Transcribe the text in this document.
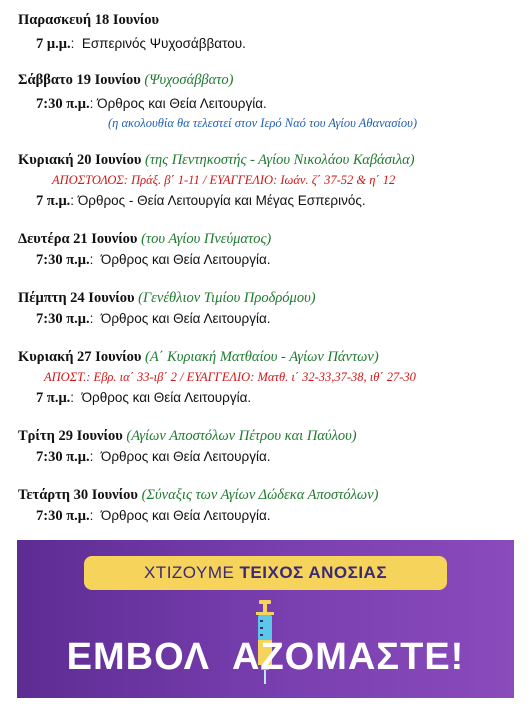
Παρασκευή 18 Ιουνίου
7 μ.μ.:  Εσπερινός Ψυχοσάββατου.
Σάββατο 19 Ιουνίου (Ψυχοσάββατο)
7:30 π.μ.: Όρθρος και Θεία Λειτουργία.
(η ακολουθία θα τελεστεί στον Ιερό Ναό του Αγίου Αθανασίου)
Κυριακή 20 Ιουνίου (της Πεντηκοστής - Αγίου Νικολάου Καβάσιλα)
ΑΠΟΣΤΟΛΟΣ: Πράξ. β΄ 1-11 / ΕΥΑΓΓΕΛΙΟ: Ιωάν. ζ΄ 37-52 & η΄ 12
7 π.μ.: Όρθρος - Θεία Λειτουργία και Μέγας Εσπερινός.
Δευτέρα 21 Ιουνίου (του Αγίου Πνεύματος)
7:30 π.μ.:  Όρθρος και Θεία Λειτουργία.
Πέμπτη 24 Ιουνίου (Γενέθλιον Τιμίου Προδρόμου)
7:30 π.μ.:  Όρθρος και Θεία Λειτουργία.
Κυριακή 27 Ιουνίου (Α΄ Κυριακή Ματθαίου - Αγίων Πάντων)
ΑΠΟΣΤ.: Εβρ. ια΄ 33-ιβ΄ 2 / ΕΥΑΓΓΕΛΙΟ: Ματθ. ι΄ 32-33,37-38, ιθ΄ 27-30
7 π.μ.:  Όρθρος και Θεία Λειτουργία.
Τρίτη 29 Ιουνίου (Αγίων Αποστόλων Πέτρου και Παύλου)
7:30 π.μ.:  Όρθρος και Θεία Λειτουργία.
Τετάρτη 30 Ιουνίου (Σύναξις των Αγίων Δώδεκα Αποστόλων)
7:30 π.μ.:  Όρθρος και Θεία Λειτουργία.
ΧΤΙΖΟΥΜΕ ΤΕΙΧΟΣ ΑΝΟΣΙΑΣ
ΕΜΒΟΛ ΑΖΟΜΑΣΤΕ!
